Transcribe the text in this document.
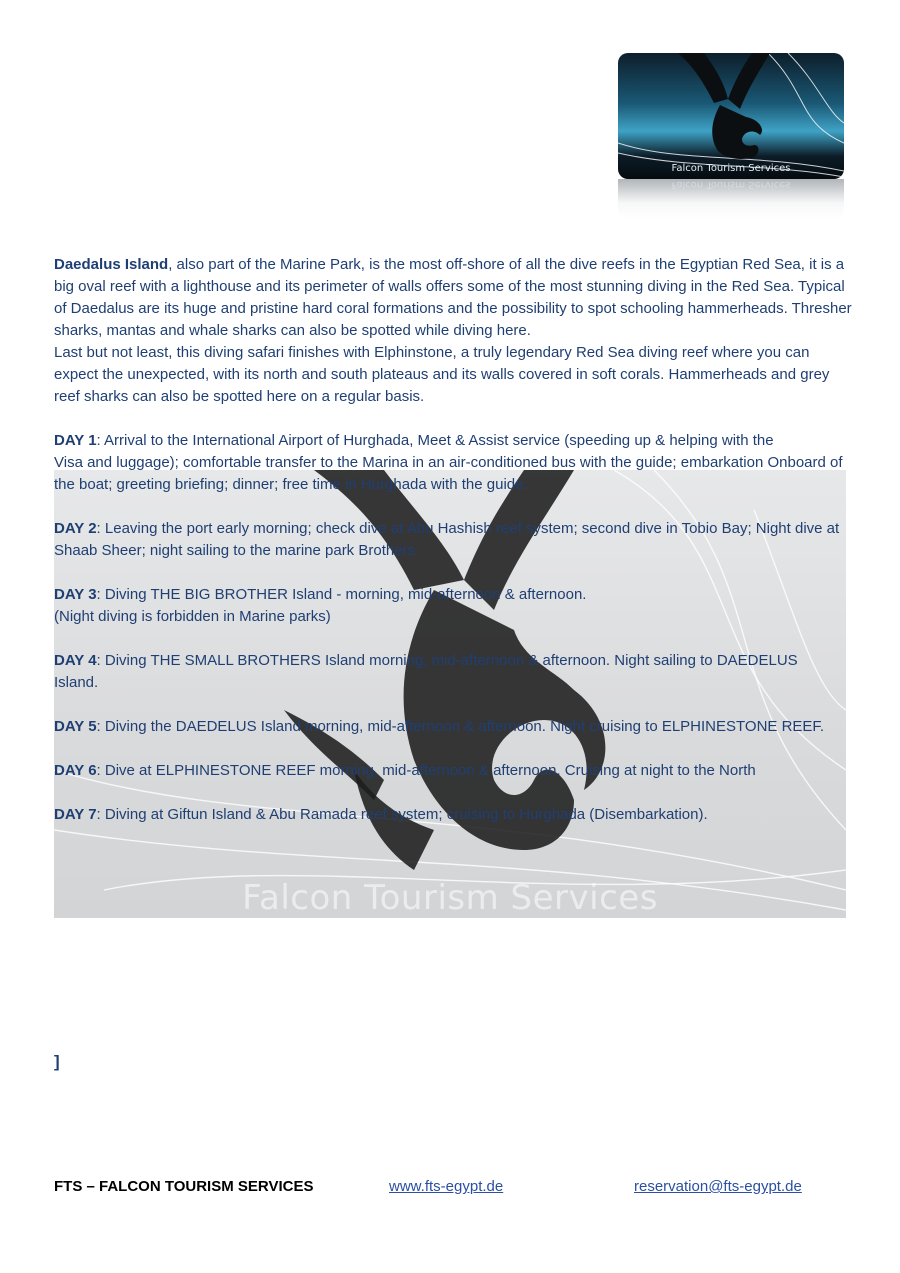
Falcon Tourism Services
Falcon Tourism Services
Falcon Tourism Services

Daedalus Island, also part of the Marine Park, is the most off-shore of all the dive reefs in the Egyptian Red Sea, it is a big oval reef with a lighthouse and its perimeter of walls offers some of the most stunning diving in the Red Sea. Typical of Daedalus are its huge and pristine hard coral formations and the possibility to spot schooling hammerheads. Thresher sharks, mantas and whale sharks can also be spotted while diving here.

Last but not least, this diving safari finishes with Elphinstone, a truly legendary Red Sea diving reef where you can expect the unexpected, with its north and south plateaus and its walls covered in soft corals. Hammerheads and grey reef sharks can also be spotted here on a regular basis.

DAY 1: Arrival to the International Airport of Hurghada, Meet & Assist service (speeding up & helping with the

Visa and luggage); comfortable transfer to the Marina in an air-conditioned bus with the guide; embarkation Onboard of the boat; greeting briefing; dinner; free time in Hurghada with the guide.

DAY 2: Leaving the port early morning; check dive at Abu Hashish reef system; second dive in Tobio Bay; Night dive at Shaab Sheer; night sailing to the marine park Brothers

DAY 3: Diving THE BIG BROTHER Island - morning, mid-afternoon & afternoon.

(Night diving is forbidden in Marine parks)

DAY 4: Diving THE SMALL BROTHERS Island morning, mid-afternoon & afternoon. Night sailing to DAEDELUS

Island.

DAY 5: Diving the DAEDELUS Island morning, mid-afternoon & afternoon. Night cruising to ELPHINESTONE REEF.

DAY 6: Dive at ELPHINESTONE REEF morning, mid-afternoon & afternoon. Cruising at night to the North

DAY 7: Diving at Giftun Island & Abu Ramada reef system; cruising to Hurghada (Disembarkation).

]
FTS – FALCON TOURISM SERVICES	www.fts-egypt.de	reservation@fts-egypt.de
